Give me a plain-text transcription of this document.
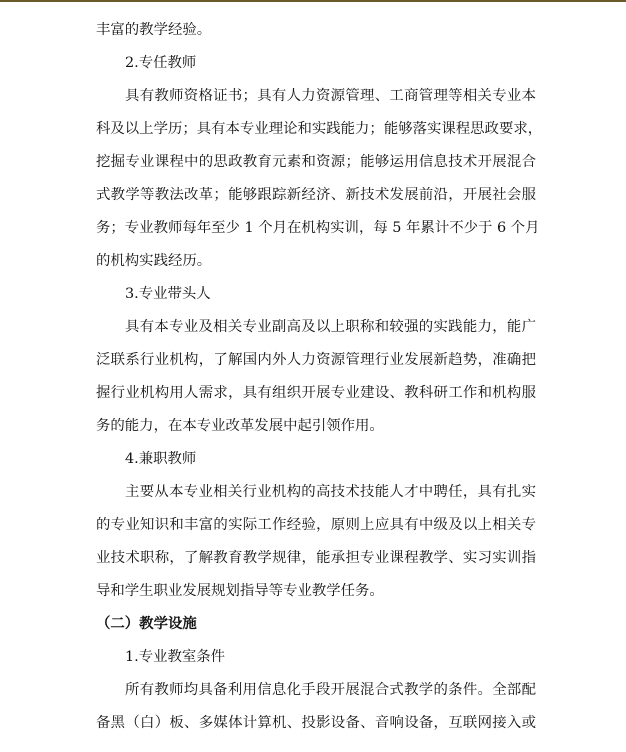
丰富的教学经验。
2.专任教师
具有教师资格证书；具有人力资源管理、工商管理等相关专业本
科及以上学历；具有本专业理论和实践能力；能够落实课程思政要求，
挖掘专业课程中的思政教育元素和资源；能够运用信息技术开展混合
式教学等教法改革；能够跟踪新经济、新技术发展前沿，开展社会服
务；专业教师每年至少 1 个月在机构实训，每 5 年累计不少于 6 个月
的机构实践经历。
3.专业带头人
具有本专业及相关专业副高及以上职称和较强的实践能力，能广
泛联系行业机构，了解国内外人力资源管理行业发展新趋势，准确把
握行业机构用人需求，具有组织开展专业建设、教科研工作和机构服
务的能力，在本专业改革发展中起引领作用。
4.兼职教师
主要从本专业相关行业机构的高技术技能人才中聘任，具有扎实
的专业知识和丰富的实际工作经验，原则上应具有中级及以上相关专
业技术职称，了解教育教学规律，能承担专业课程教学、实习实训指
导和学生职业发展规划指导等专业教学任务。
（二）教学设施
1.专业教室条件
所有教师均具备利用信息化手段开展混合式教学的条件。全部配
备黑（白）板、多媒体计算机、投影设备、音响设备，互联网接入或
